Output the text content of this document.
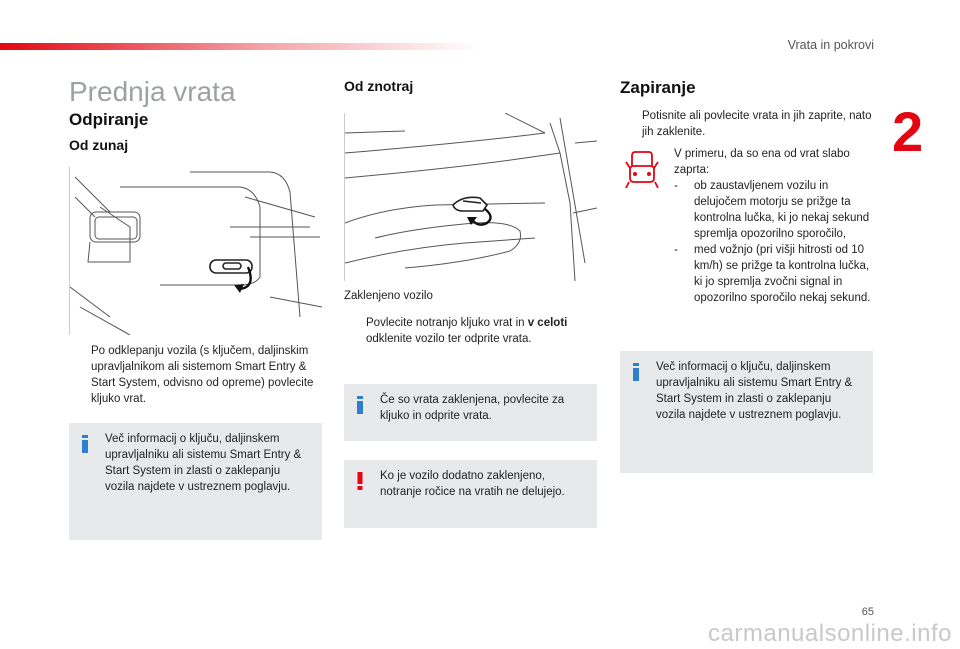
Vrata in pokrovi
2
Prednja vrata
Odpiranje
Od zunaj
Po odklepanju vozila (s ključem, daljinskim upravljalnikom ali sistemom Smart Entry & Start System, odvisno od opreme) povlecite kljuko vrat.
Več informacij o ključu, daljinskem upravljalniku ali sistemu Smart Entry & Start System in zlasti o zaklepanju vozila najdete v ustreznem poglavju.
Od znotraj
Zaklenjeno vozilo
Povlecite notranjo kljuko vrat in v celoti odklenite vozilo ter odprite vrata.
Če so vrata zaklenjena, povlecite za kljuko in odprite vrata.
Ko je vozilo dodatno zaklenjeno, notranje ročice na vratih ne delujejo.
Zapiranje
Potisnite ali povlecite vrata in jih zaprite, nato jih zaklenite.
V primeru, da so ena od vrat slabo zaprta:
- ob zaustavljenem vozilu in delujočem motorju se prižge ta kontrolna lučka, ki jo nekaj sekund spremlja opozorilno sporočilo,
- med vožnjo (pri višji hitrosti od 10 km/h) se prižge ta kontrolna lučka, ki jo spremlja zvočni signal in opozorilno sporočilo nekaj sekund.
Več informacij o ključu, daljinskem upravljalniku ali sistemu Smart Entry & Start System in zlasti o zaklepanju vozila najdete v ustreznem poglavju.
65
carmanualsonline.info
